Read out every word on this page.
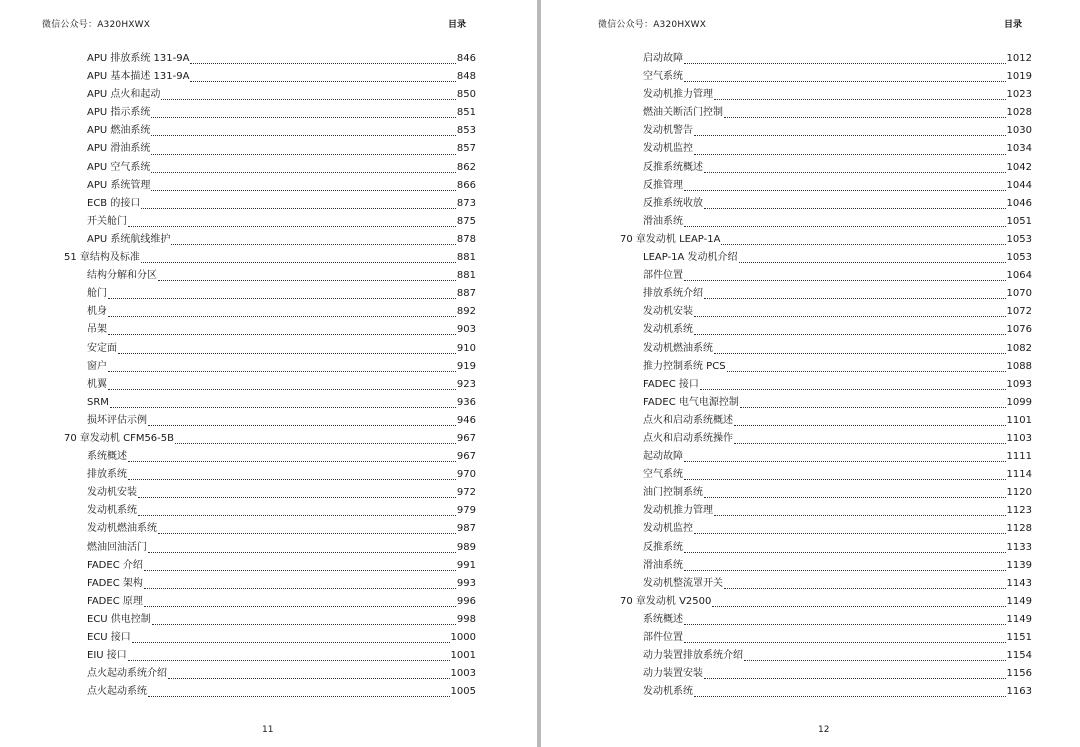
微信公众号：A320HXWX	目录
APU 排放系统 131-9A	846
APU 基本描述 131-9A	848
APU 点火和起动	850
APU 指示系统	851
APU 燃油系统	853
APU 滑油系统	857
APU 空气系统	862
APU 系统管理	866
ECB 的接口	873
开关舱门	875
APU 系统航线维护	878
51 章结构及标准	881
结构分解和分区	881
舱门	887
机身	892
吊架	903
安定面	910
窗户	919
机翼	923
SRM	936
损坏评估示例	946
70 章发动机 CFM56-5B	967
系统概述	967
排放系统	970
发动机安装	972
发动机系统	979
发动机燃油系统	987
燃油回油活门	989
FADEC 介绍	991
FADEC 架构	993
FADEC 原理	996
ECU 供电控制	998
ECU 接口	1000
EIU 接口	1001
点火起动系统介绍	1003
点火起动系统	1005
11
微信公众号：A320HXWX	目录
启动故障	1012
空气系统	1019
发动机推力管理	1023
燃油关断活门控制	1028
发动机警告	1030
发动机监控	1034
反推系统概述	1042
反推管理	1044
反推系统收放	1046
滑油系统	1051
70 章发动机 LEAP-1A	1053
LEAP-1A 发动机介绍	1053
部件位置	1064
排放系统介绍	1070
发动机安装	1072
发动机系统	1076
发动机燃油系统	1082
推力控制系统 PCS	1088
FADEC 接口	1093
FADEC 电气电源控制	1099
点火和启动系统概述	1101
点火和启动系统操作	1103
起动故障	1111
空气系统	1114
油门控制系统	1120
发动机推力管理	1123
发动机监控	1128
反推系统	1133
滑油系统	1139
发动机整流罩开关	1143
70 章发动机 V2500	1149
系统概述	1149
部件位置	1151
动力装置排放系统介绍	1154
动力装置安装	1156
发动机系统	1163
12
